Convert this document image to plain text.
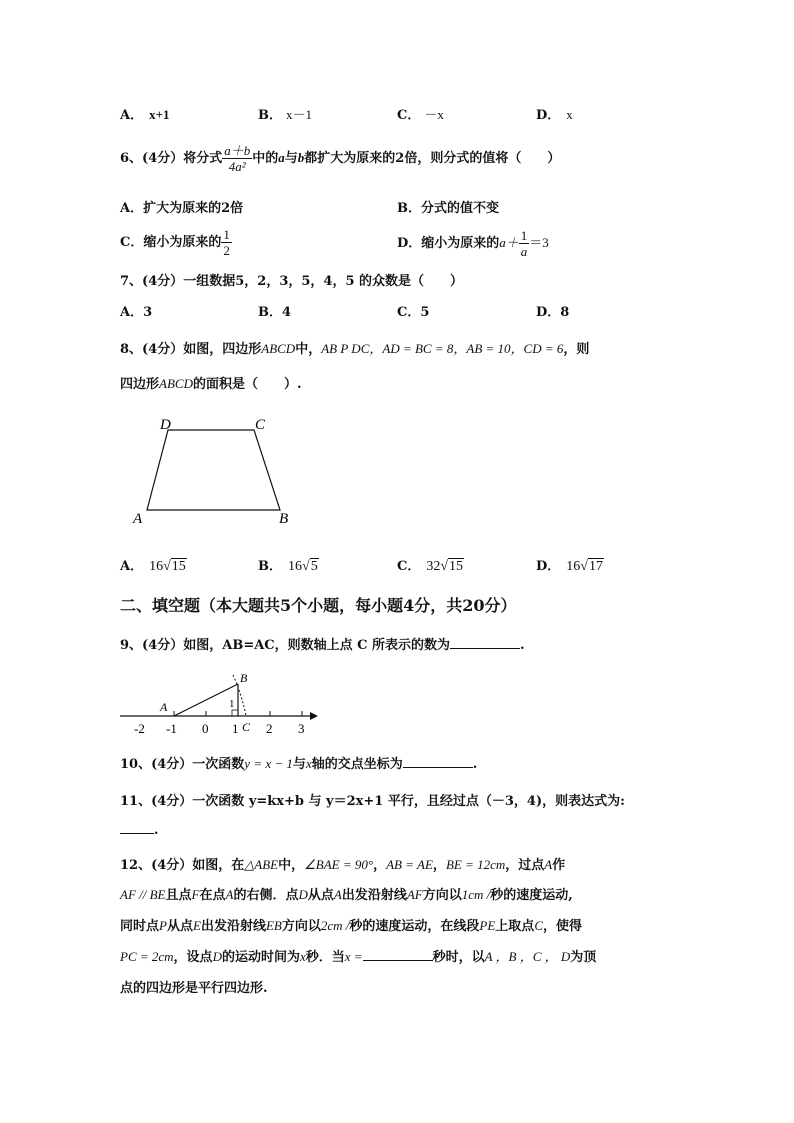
A． x+1	B． x－1	C． －x	D． x
6、(4分）将分式 $\frac{a+b}{\text{4a²}}$ 中的a与b都扩大为原来的2倍，则分式的值将（　　）
A．扩大为原来的2倍	B．分式的值不变
C．缩小为原来的 $\frac{1}{2}$	D．缩小为原来的$a+ \frac{1}{a} =3$
7、(4分）一组数据5，2，3，5，4，5 的众数是（　　）
A．3	B．4	C．5	D．8
8、(4分）如图，四边形ABCD中，AB P DC，AD = BC = 8，AB = 10，CD = 6，则
四边形ABCD的面积是（　　）.
D	C
A	B
A． 16√15	B． 16√5	C． 32√15	D． 16√17
二、填空题（本大题共5个小题，每小题4分，共20分）
9、(4分）如图，AB=AC，则数轴上点 C 所表示的数为	.
-2 -1 0 1 2 3
A
B
C
1
10、(4分）一次函数y = x − 1与x轴的交点坐标为	.
11、(4分）一次函数 y=kx+b 与 y＝2x+1 平行，且经过点（－3，4)，则表达式为:
.
12、(4分）如图，在△ABE中，∠BAE = 90°，AB = AE，BE = 12cm，过点A作
AF // BE且点F在点A的右侧．点D从点A出发沿射线AF方向以1cm /秒的速度运动,
同时点P从点E出发沿射线EB方向以2cm /秒的速度运动，在线段PE上取点C，使得
PC = 2cm，设点D的运动时间为x秒．当x =	秒时，以A ，B ，C ， D为顶
点的四边形是平行四边形.
